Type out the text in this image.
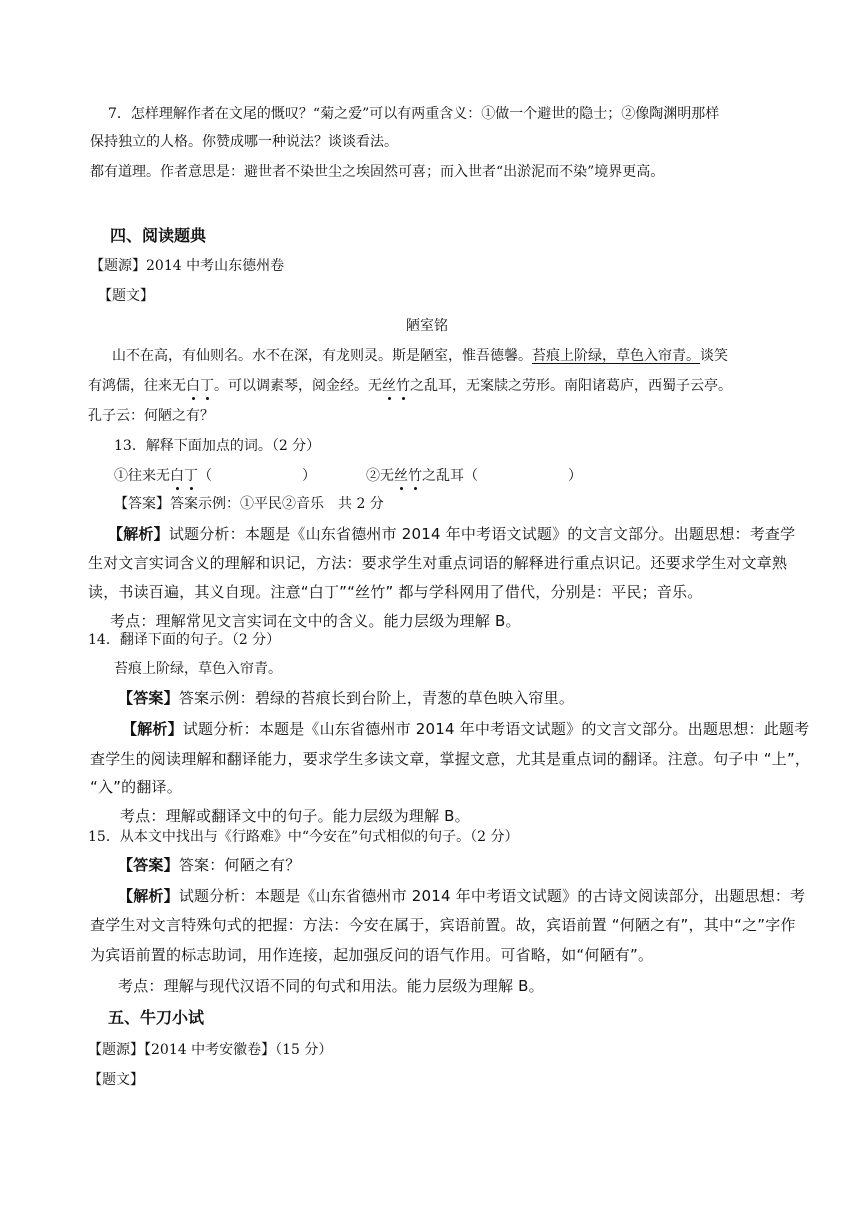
7．怎样理解作者在文尾的慨叹？“菊之爱”可以有两重含义：①做一个避世的隐士；②像陶渊明那样
保持独立的人格。你赞成哪一种说法？谈谈看法。
都有道理。作者意思是：避世者不染世尘之埃固然可喜；而入世者“出淤泥而不染”境界更高。
四、阅读题典
【题源】2014 中考山东德州卷
【题文】
陋室铭
山不在高，有仙则名。水不在深，有龙则灵。斯是陋室，惟吾德馨。苔痕上阶绿，草色入帘青。谈笑
有鸿儒，往来无白丁。可以调素琴，阅金经。无丝竹之乱耳，无案牍之劳形。南阳诸葛庐，西蜀子云亭。
孔子云：何陋之有？
13．解释下面加点的词。（2 分）
①往来无白丁（	）	②无丝竹之乱耳（	）
【答案】答案示例：①平民②音乐　共 2 分
【解析】试题分析：本题是《山东省德州市 2014 年中考语文试题》的文言文部分。出题思想：考查学
生对文言实词含义的理解和识记，方法：要求学生对重点词语的解释进行重点识记。还要求学生对文章熟
读，书读百遍，其义自现。注意“白丁”“丝竹” 都与学科网用了借代，分别是：平民；音乐。
考点：理解常见文言实词在文中的含义。能力层级为理解 B。
14．翻译下面的句子。（2 分）
苔痕上阶绿，草色入帘青。
【答案】答案示例：碧绿的苔痕长到台阶上，青葱的草色映入帘里。
【解析】试题分析：本题是《山东省德州市 2014 年中考语文试题》的文言文部分。出题思想：此题考
查学生的阅读理解和翻译能力，要求学生多读文章，掌握文意，尤其是重点词的翻译。注意。句子中 “上”，
“入”的翻译。
考点：理解或翻译文中的句子。能力层级为理解 B。
15．从本文中找出与《行路难》中“今安在”句式相似的句子。（2 分）
【答案】答案：何陋之有？
【解析】试题分析：本题是《山东省德州市 2014 年中考语文试题》的古诗文阅读部分，出题思想：考
查学生对文言特殊句式的把握：方法：今安在属于，宾语前置。故，宾语前置 “何陋之有”，其中“之”字作
为宾语前置的标志助词，用作连接，起加强反问的语气作用。可省略，如“何陋有”。
考点：理解与现代汉语不同的句式和用法。能力层级为理解 B。
五、牛刀小试
【题源】【2014 中考安徽卷】（15 分）
【题文】
